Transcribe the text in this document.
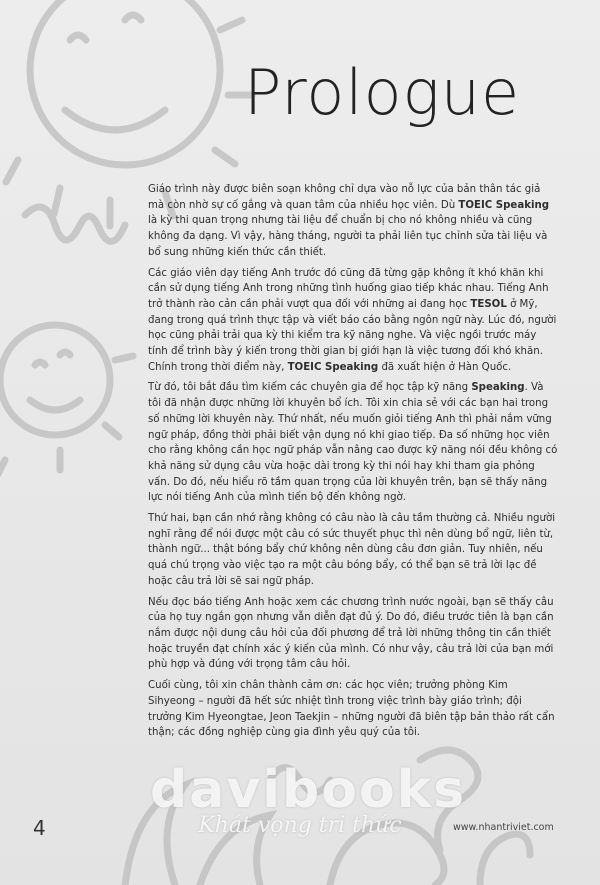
Prologue

Giáo trình này được biên soạn không chỉ dựa vào nỗ lực của bản thân tác giả mà còn nhờ sự cố gắng và quan tâm của nhiều học viên. Dù TOEIC Speaking là kỳ thi quan trọng nhưng tài liệu để chuẩn bị cho nó không nhiều và cũng không đa dạng. Vì vậy, hàng tháng, người ta phải liên tục chỉnh sửa tài liệu và bổ sung những kiến thức cần thiết.

Các giáo viên dạy tiếng Anh trước đó cũng đã từng gặp không ít khó khăn khi cần sử dụng tiếng Anh trong những tình huống giao tiếp khác nhau. Tiếng Anh trở thành rào cản cần phải vượt qua đối với những ai đang học TESOL ở Mỹ, đang trong quá trình thực tập và viết báo cáo bằng ngôn ngữ này. Lúc đó, người học cũng phải trải qua kỳ thi kiểm tra kỹ năng nghe. Và việc ngồi trước máy tính để trình bày ý kiến trong thời gian bị giới hạn là việc tương đối khó khăn. Chính trong thời điểm này, TOEIC Speaking đã xuất hiện ở Hàn Quốc.

Từ đó, tôi bắt đầu tìm kiếm các chuyên gia để học tập kỹ năng Speaking. Và tôi đã nhận được những lời khuyên bổ ích. Tôi xin chia sẻ với các bạn hai trong số những lời khuyên này. Thứ nhất, nếu muốn giỏi tiếng Anh thì phải nắm vững ngữ pháp, đồng thời phải biết vận dụng nó khi giao tiếp. Đa số những học viên cho rằng không cần học ngữ pháp vẫn nâng cao được kỹ năng nói đều không có khả năng sử dụng câu vừa hoặc dài trong kỳ thi nói hay khi tham gia phỏng vấn. Do đó, nếu hiểu rõ tầm quan trọng của lời khuyên trên, bạn sẽ thấy năng lực nói tiếng Anh của mình tiến bộ đến không ngờ.

Thứ hai, bạn cần nhớ rằng không có câu nào là câu tầm thường cả. Nhiều người nghĩ rằng để nói được một câu có sức thuyết phục thì nên dùng bổ ngữ, liên từ, thành ngữ... thật bóng bẩy chứ không nên dùng câu đơn giản. Tuy nhiên, nếu quá chú trọng vào việc tạo ra một câu bóng bẩy, có thể bạn sẽ trả lời lạc đề hoặc câu trả lời sẽ sai ngữ pháp.

Nếu đọc báo tiếng Anh hoặc xem các chương trình nước ngoài, bạn sẽ thấy câu của họ tuy ngắn gọn nhưng vẫn diễn đạt đủ ý. Do đó, điều trước tiên là bạn cần nắm được nội dung câu hỏi của đối phương để trả lời những thông tin cần thiết hoặc truyền đạt chính xác ý kiến của mình. Có như vậy, câu trả lời của bạn mới phù hợp và đúng với trọng tâm câu hỏi.

Cuối cùng, tôi xin chân thành cảm ơn: các học viên; trưởng phòng Kim Sihyeong – người đã hết sức nhiệt tình trong việc trình bày giáo trình; đội trưởng Kim Hyeongtae, Jeon Taekjin – những người đã biên tập bản thảo rất cẩn thận; các đồng nghiệp cùng gia đình yêu quý của tôi.

davibooks
Khát vọng tri thức
4	www.nhantriviet.com
